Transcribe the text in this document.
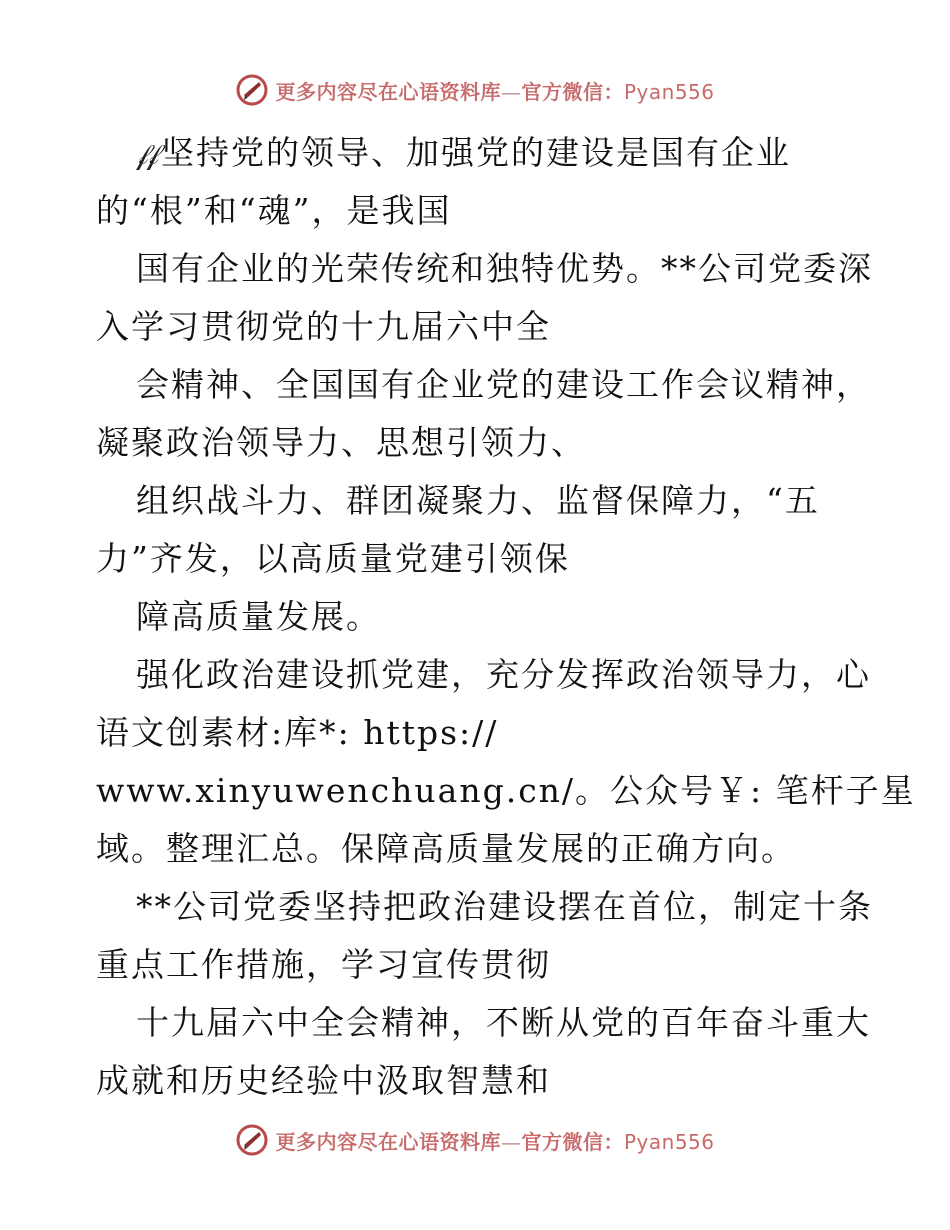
更多内容尽在心语资料库—官方微信：Pyan556
𝒻𝒻 坚持党的领导、加强党的建设是国有企业
的“根”和“魂”，是我国
国有企业的光荣传统和独特优势。**公司党委深
入学习贯彻党的十九届六中全
会精神、全国国有企业党的建设工作会议精神，
凝聚政治领导力、思想引领力、
组织战斗力、群团凝聚力、监督保障力，“五
力”齐发，以高质量党建引领保
障高质量发展。
强化政治建设抓党建，充分发挥政治领导力，心
语文创素材:库*: https://
www.xinyuwenchuang.cn/。公众号￥: 笔杆子星
域。整理汇总。保障高质量发展的正确方向。
**公司党委坚持把政治建设摆在首位，制定十条
重点工作措施，学习宣传贯彻
十九届六中全会精神，不断从党的百年奋斗重大
成就和历史经验中汲取智慧和
更多内容尽在心语资料库—官方微信：Pyan556
